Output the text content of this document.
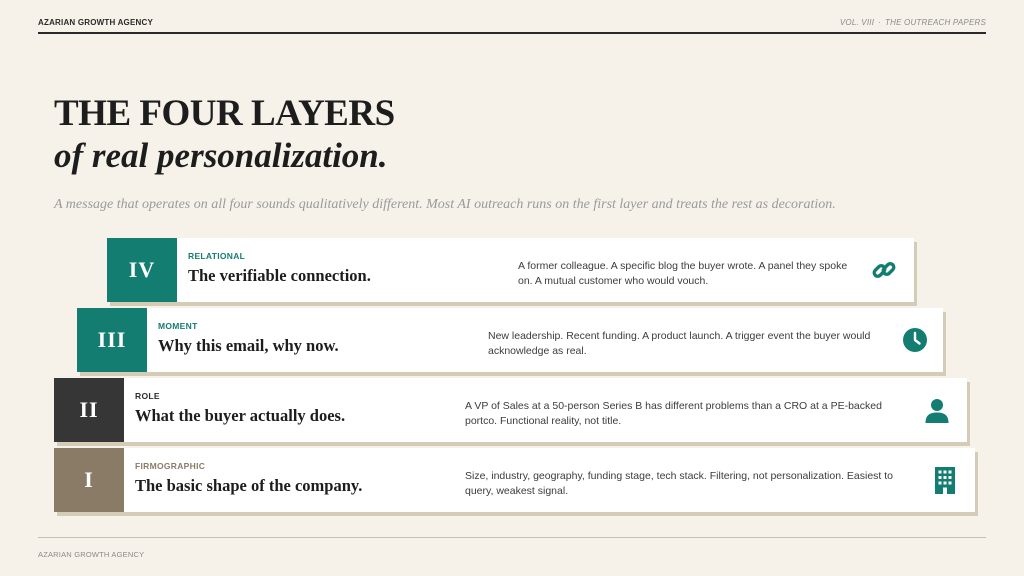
AZARIAN GROWTH AGENCY	VOL. VIII · THE OUTREACH PAPERS
THE FOUR LAYERS
of real personalization.

A message that operates on all four sounds qualitatively different. Most AI outreach runs on the first layer and treats the rest as decoration.

IV
RELATIONAL
The verifiable connection.	A former colleague. A specific blog the buyer wrote. A panel they spoke on. A mutual customer who would vouch.
III
MOMENT
Why this email, why now.	New leadership. Recent funding. A product launch. A trigger event the buyer would acknowledge as real.
II
ROLE
What the buyer actually does.	A VP of Sales at a 50-person Series B has different problems than a CRO at a PE-backed portco. Functional reality, not title.
I
FIRMOGRAPHIC
The basic shape of the company.	Size, industry, geography, funding stage, tech stack. Filtering, not personalization. Easiest to query, weakest signal.
AZARIAN GROWTH AGENCY
